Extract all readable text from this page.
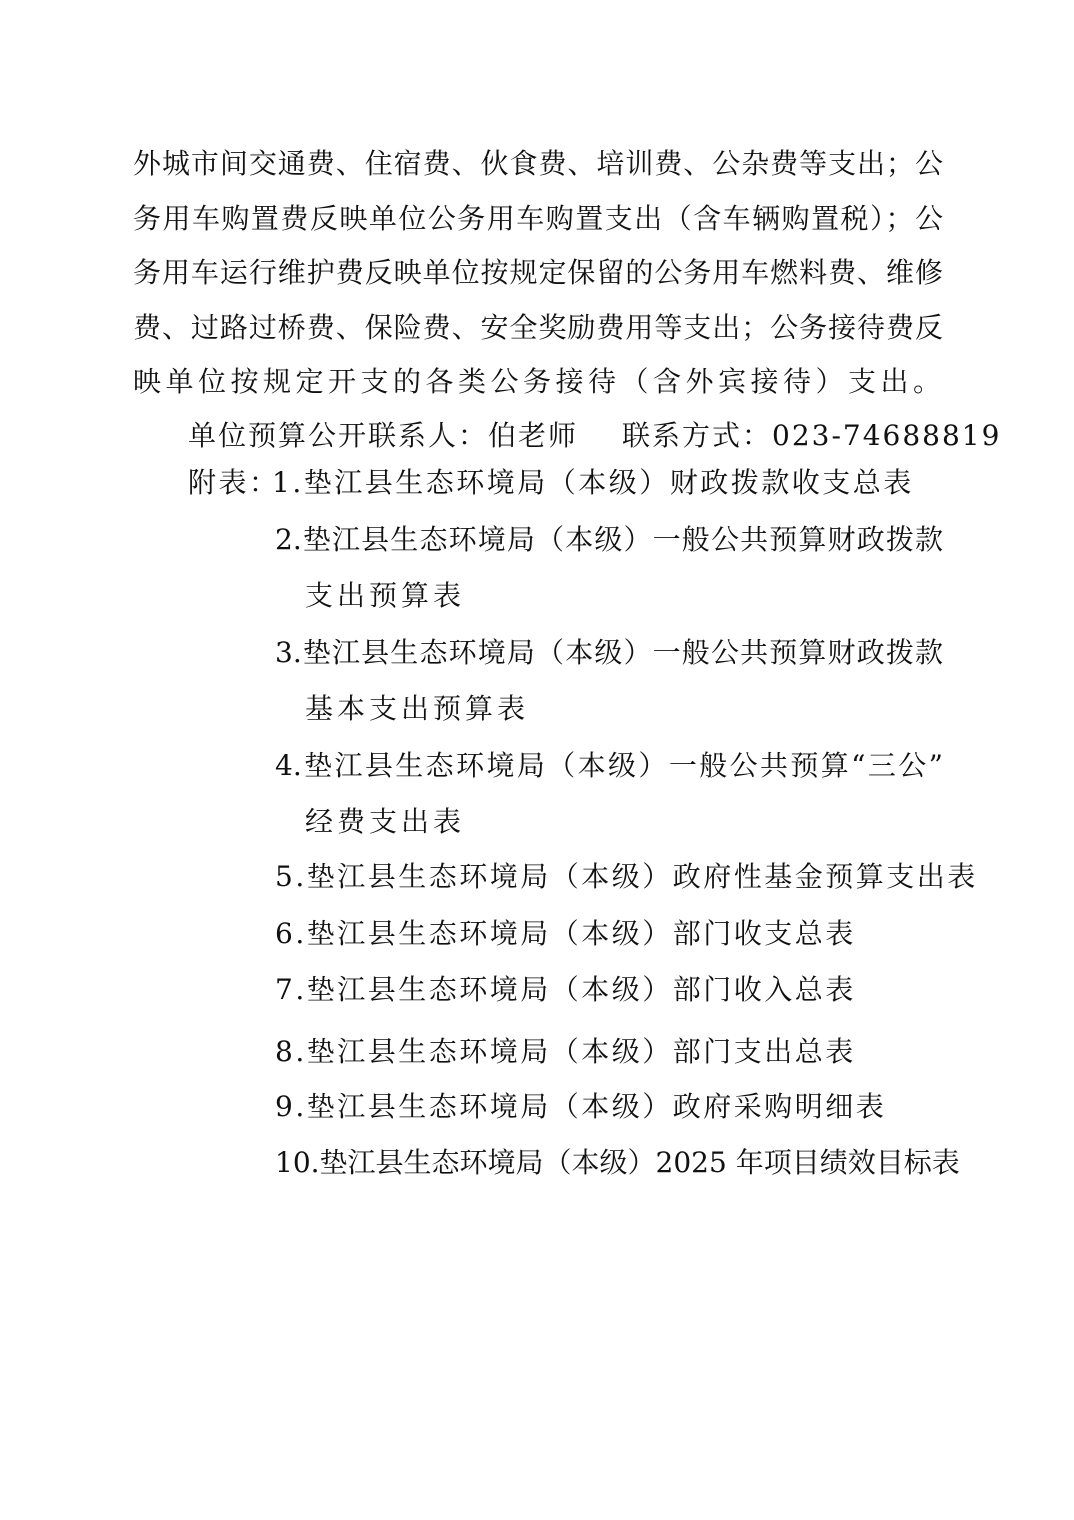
外城市间交通费、住宿费、伙食费、培训费、公杂费等支出；公
务用车购置费反映单位公务用车购置支出（含车辆购置税）；公
务用车运行维护费反映单位按规定保留的公务用车燃料费、维修
费、过路过桥费、保险费、安全奖励费用等支出；公务接待费反
映单位按规定开支的各类公务接待（含外宾接待）支出。
单位预算公开联系人：伯老师 联系方式：023-74688819
附表：
1.垫江县生态环境局（本级）财政拨款收支总表
2.垫江县生态环境局（本级）一般公共预算财政拨款
支出预算表
3.垫江县生态环境局（本级）一般公共预算财政拨款
基本支出预算表
4.垫江县生态环境局（本级）一般公共预算“三公”
经费支出表
5.垫江县生态环境局（本级）政府性基金预算支出表
6.垫江县生态环境局（本级）部门收支总表
7.垫江县生态环境局（本级）部门收入总表
8.垫江县生态环境局（本级）部门支出总表
9.垫江县生态环境局（本级）政府采购明细表
10.垫江县生态环境局（本级）2025 年项目绩效目标表
